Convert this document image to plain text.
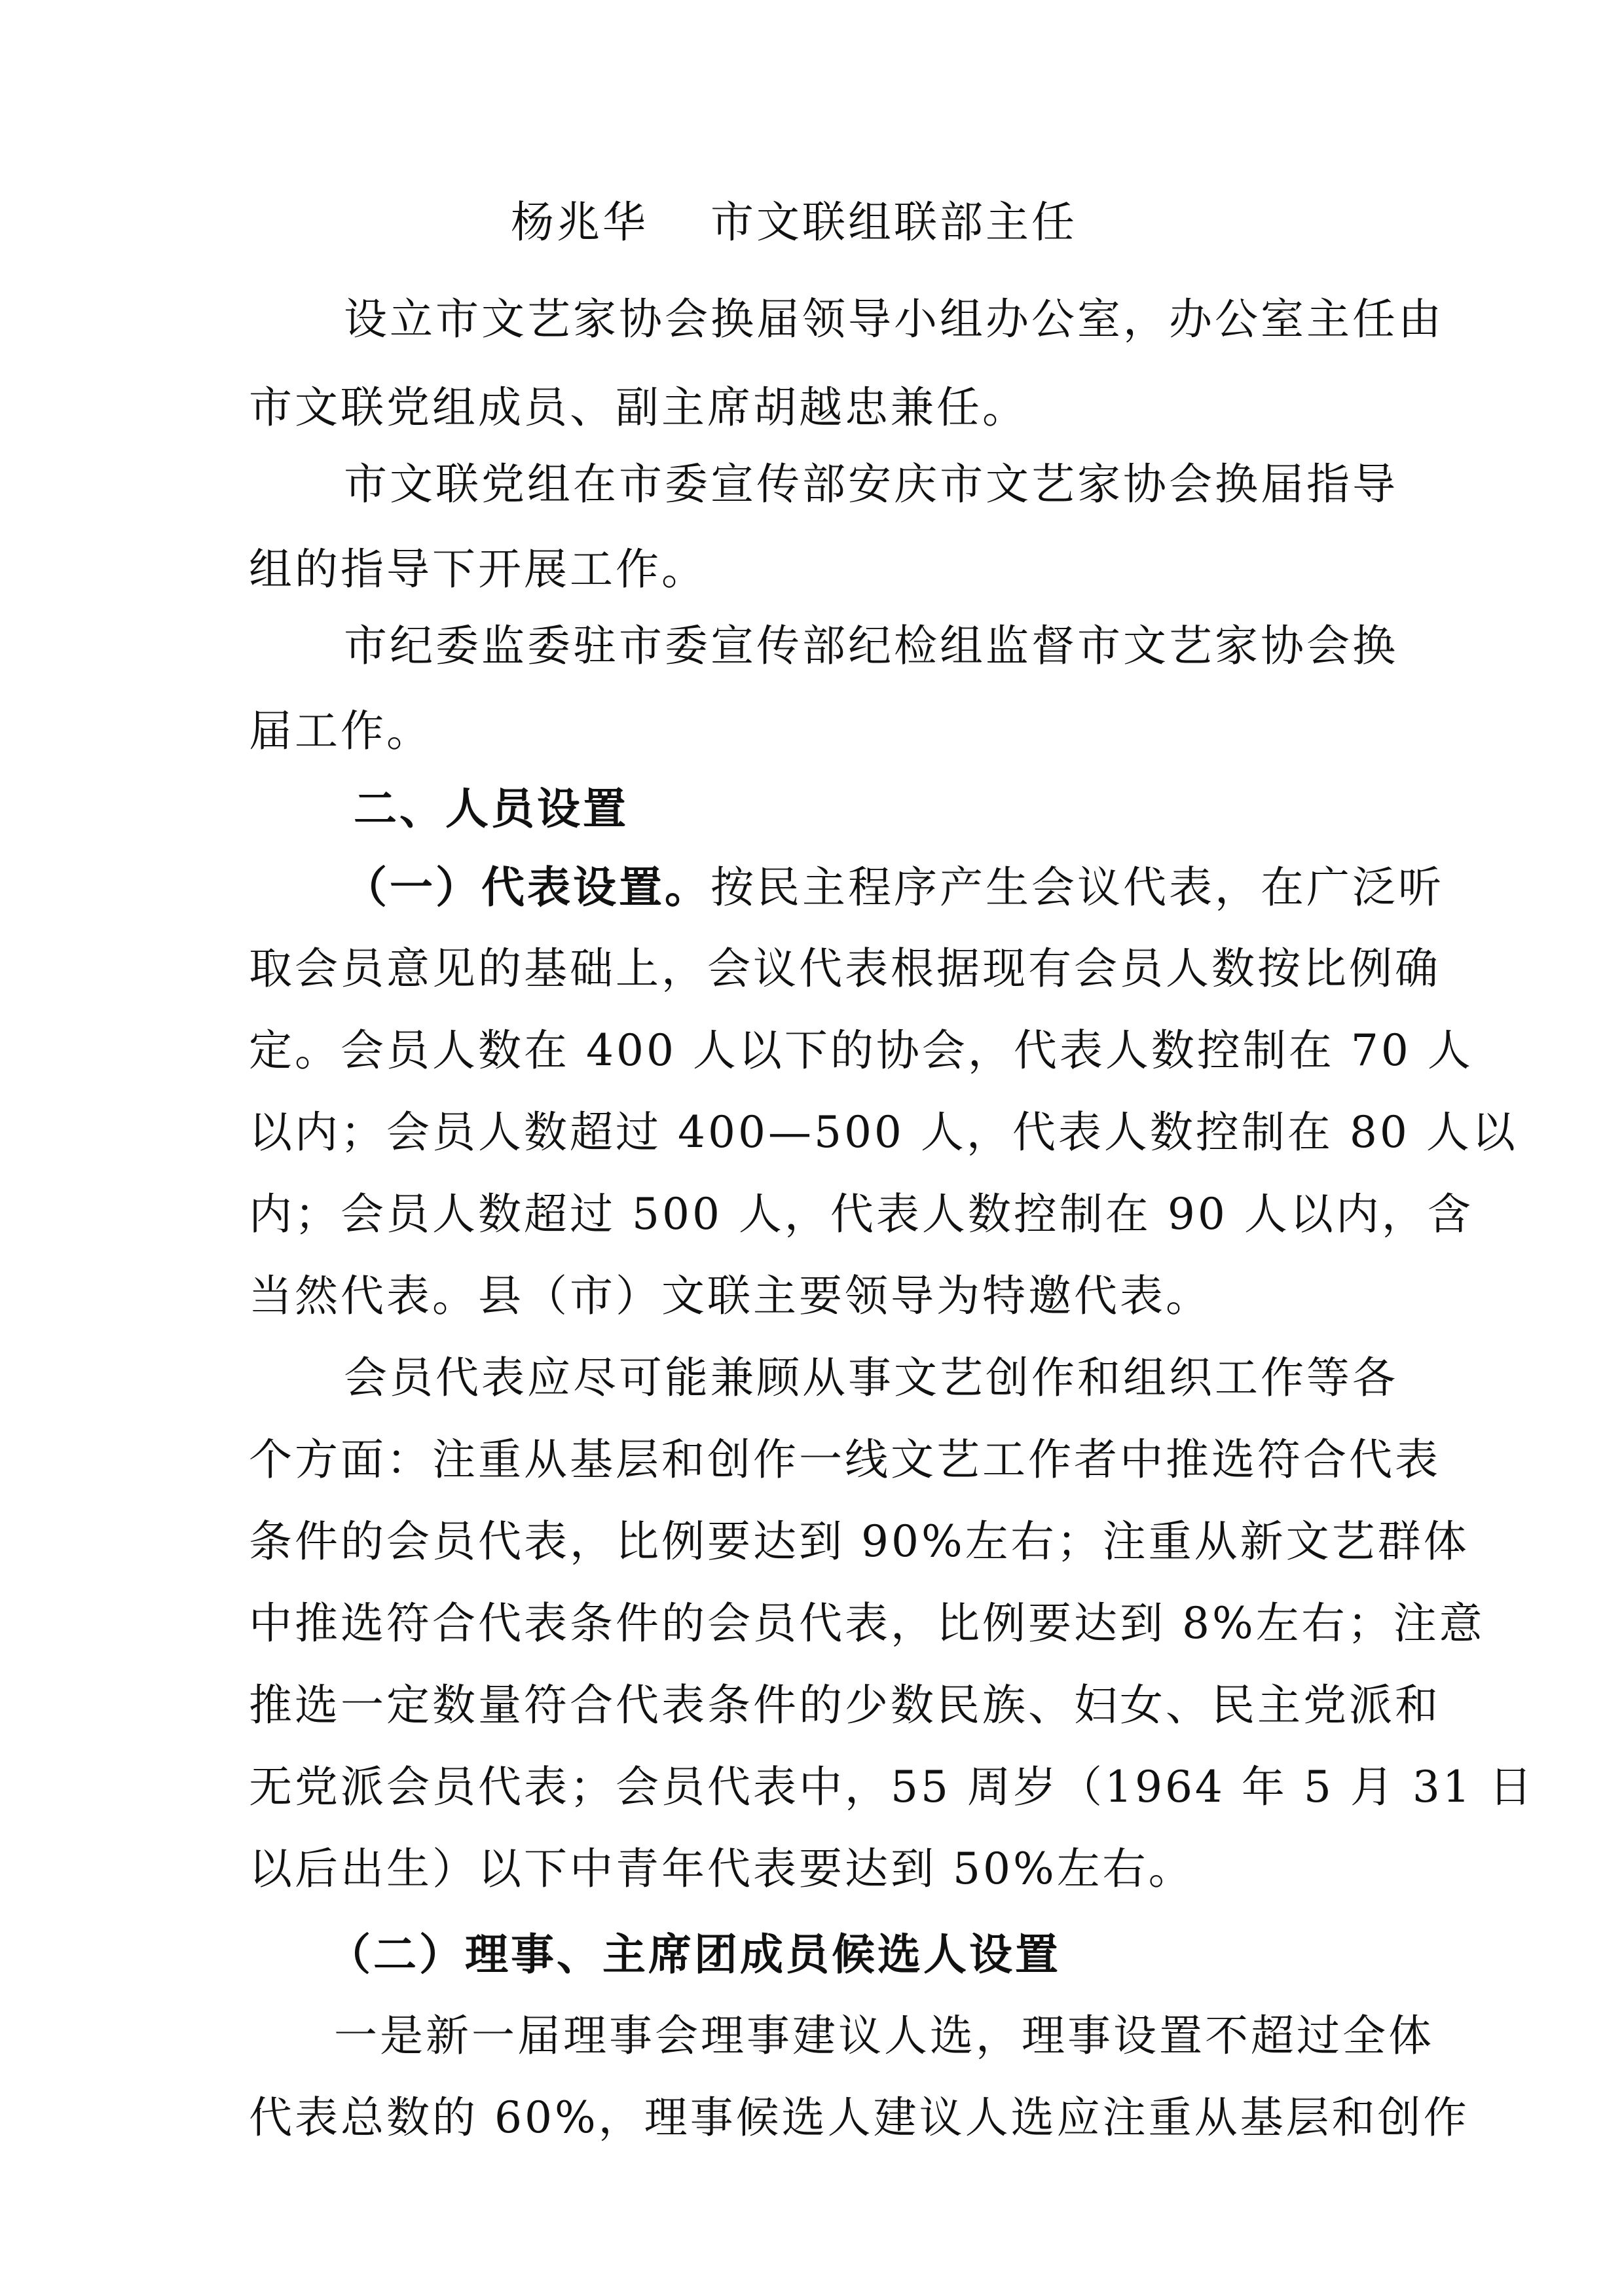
杨兆华　 市文联组联部主任
设立市文艺家协会换届领导小组办公室，办公室主任由
市文联党组成员、副主席胡越忠兼任。
市文联党组在市委宣传部安庆市文艺家协会换届指导
组的指导下开展工作。
市纪委监委驻市委宣传部纪检组监督市文艺家协会换
届工作。
二、人员设置
（一）代表设置。按民主程序产生会议代表，在广泛听
取会员意见的基础上，会议代表根据现有会员人数按比例确
定。会员人数在 400 人以下的协会，代表人数控制在 70 人
以内；会员人数超过 400—500 人，代表人数控制在 80 人以
内；会员人数超过 500 人，代表人数控制在 90 人以内，含
当然代表。县（市）文联主要领导为特邀代表。
会员代表应尽可能兼顾从事文艺创作和组织工作等各
个方面：注重从基层和创作一线文艺工作者中推选符合代表
条件的会员代表，比例要达到 90%左右；注重从新文艺群体
中推选符合代表条件的会员代表，比例要达到 8%左右；注意
推选一定数量符合代表条件的少数民族、妇女、民主党派和
无党派会员代表；会员代表中，55 周岁（1964 年 5 月 31 日
以后出生）以下中青年代表要达到 50%左右。
（二）理事、主席团成员候选人设置
一是新一届理事会理事建议人选，理事设置不超过全体
代表总数的 60%，理事候选人建议人选应注重从基层和创作
